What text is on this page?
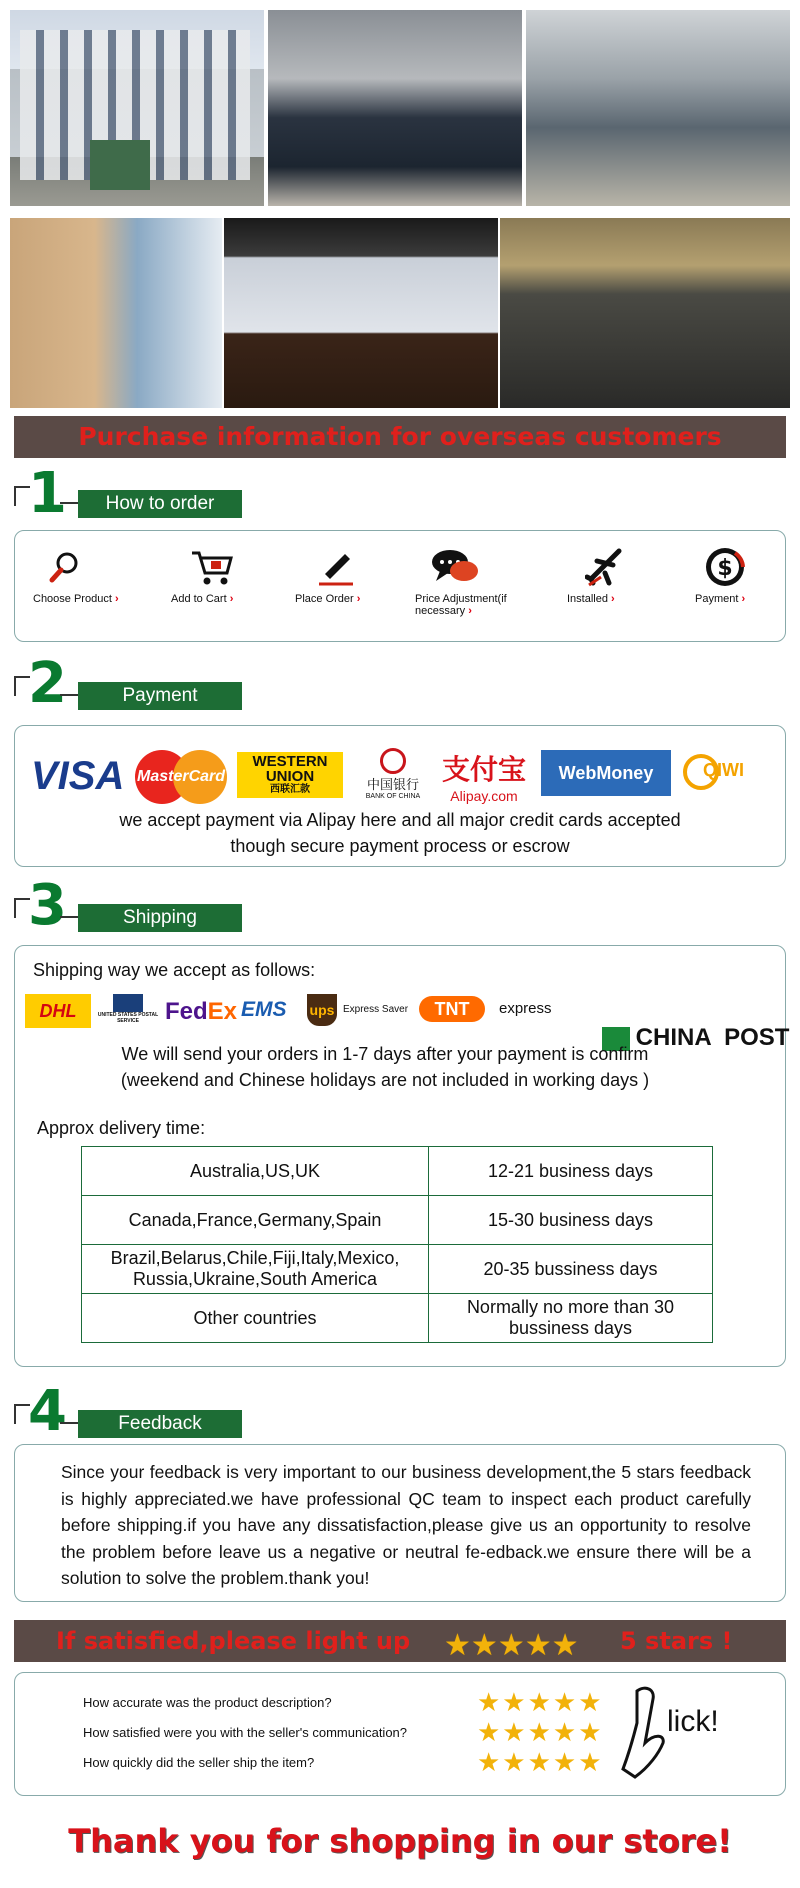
Purchase information for overseas customers
1	How to order
Choose Product ›	Add to Cart ›	Place Order ›	Price Adjustment(if necessary ›
Installed ›
$
Payment ›
2	Payment
VISA MasterCard
WESTERN
UNION
西联汇款	中国银行
BANK OF CHINA
支付宝
Alipay.com
WebMoney	QIWI
we accept payment via Alipay here and all major credit cards accepted
though secure payment process or escrow
3	Shipping
Shipping way we accept as follows:
DHL	UNITED STATES POSTAL SERVICE	FedEx EMS ups Express Saver	TNT	express

CHINA  POST

We will send your orders in 1-7 days after your payment is confirm
(weekend and Chinese holidays are not included in working days )
Approx delivery time:
Australia,US,UK	12-21 business days
Canada,France,Germany,Spain	15-30 business days
Brazil,Belarus,Chile,Fiji,Italy,Mexico, Russia,Ukraine,South America	20-35 bussiness days
Other countries	Normally no more than 30 bussiness days
4	Feedback
Since your feedback is very important to our business development,the 5 stars feedback is highly appreciated.we have professional QC team to inspect each product carefully before shipping.if you have any dissatisfaction,please give us an opportunity to resolve the problem before leave us a negative or neutral fe-edback.we ensure there will be a solution to solve the problem.thank you!
If satisfied,please light up ★★★★★ 5 stars !
How accurate was the product description?
How satisfied were you with the seller's communication?
How quickly did the seller ship the item?
★★★★★
★★★★★
★★★★★
lick!
Thank you for shopping in our store!
